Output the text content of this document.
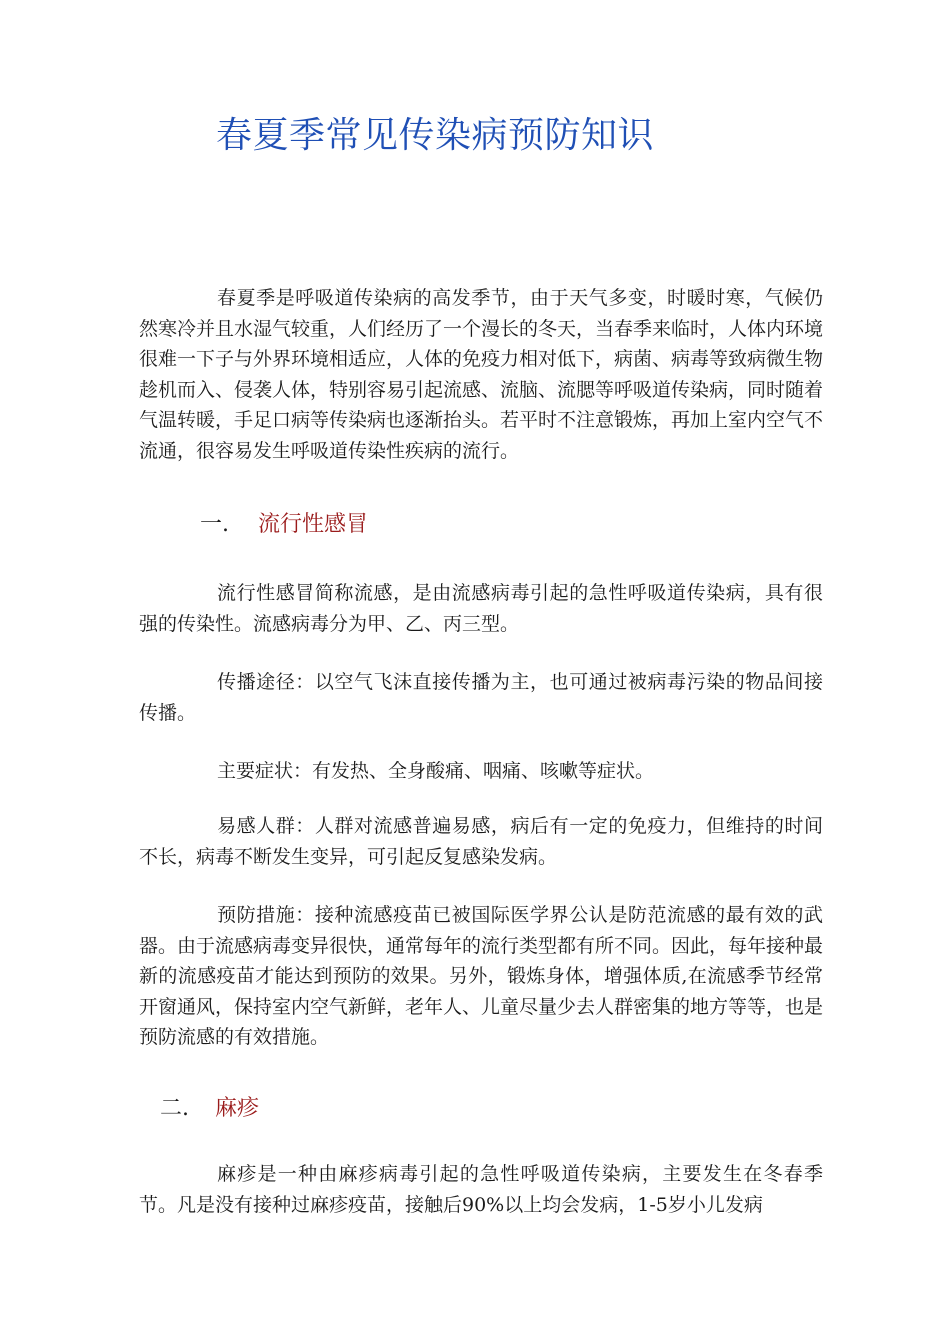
春夏季常见传染病预防知识

春夏季是呼吸道传染病的高发季节，由于天气多变，时暖时寒，气候仍然寒冷并且水湿气较重，人们经历了一个漫长的冬天，当春季来临时，人体内环境很难一下子与外界环境相适应，人体的免疫力相对低下，病菌、病毒等致病微生物趁机而入、侵袭人体，特别容易引起流感、流脑、流腮等呼吸道传染病，同时随着气温转暖，手足口病等传染病也逐渐抬头。若平时不注意锻炼，再加上室内空气不流通，很容易发生呼吸道传染性疾病的流行。

一. 流行性感冒

流行性感冒简称流感，是由流感病毒引起的急性呼吸道传染病，具有很强的传染性。流感病毒分为甲、乙、丙三型。

传播途径：以空气飞沫直接传播为主，也可通过被病毒污染的物品间接传播。

主要症状：有发热、全身酸痛、咽痛、咳嗽等症状。

易感人群：人群对流感普遍易感，病后有一定的免疫力，但维持的时间不长，病毒不断发生变异，可引起反复感染发病。

预防措施：接种流感疫苗已被国际医学界公认是防范流感的最有效的武器。由于流感病毒变异很快，通常每年的流行类型都有所不同。因此，每年接种最新的流感疫苗才能达到预防的效果。另外，锻炼身体，增强体质,在流感季节经常开窗通风，保持室内空气新鲜，老年人、儿童尽量少去人群密集的地方等等，也是预防流感的有效措施。

二. 麻疹

麻疹是一种由麻疹病毒引起的急性呼吸道传染病，主要发生在冬春季节。凡是没有接种过麻疹疫苗，接触后90%以上均会发病，1-5岁小儿发病
